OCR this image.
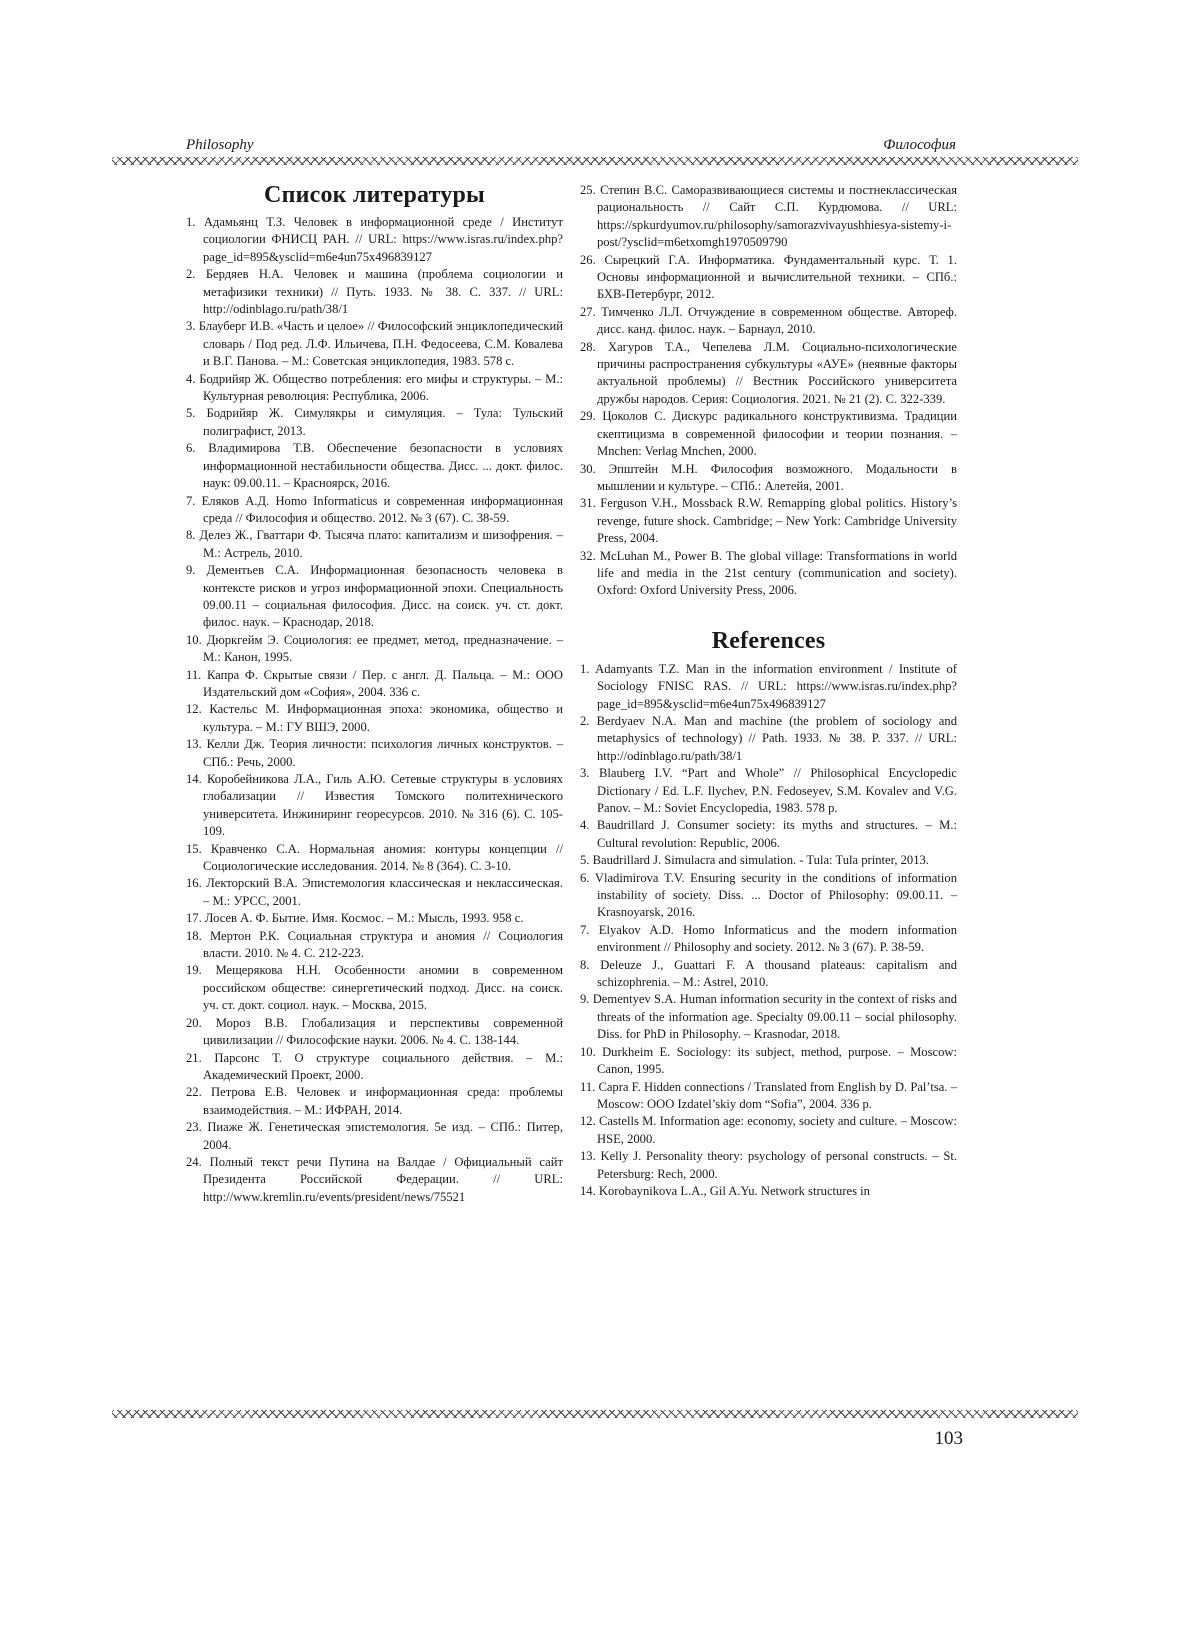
Philosophy	Философия
Список литературы
1. Адамьянц Т.З. Человек в информационной среде / Институт социологии ФНИСЦ РАН. // URL: https://www.isras.ru/index.php?page_id=895&ysclid=m6e4un75x496839127
2. Бердяев Н.А. Человек и машина (проблема социологии и метафизики техники) // Путь. 1933. № 38. С. 337. // URL: http://odinblago.ru/path/38/1
3. Блауберг И.В. «Часть и целое» // Философский энциклопедический словарь / Под ред. Л.Ф. Ильичева, П.Н. Федосеева, С.М. Ковалева и В.Г. Панова. – М.: Советская энциклопедия, 1983. 578 с.
4. Бодрийяр Ж. Общество потребления: его мифы и структуры. – М.: Культурная революция: Республика, 2006.
5. Бодрийяр Ж. Симулякры и симуляция. – Тула: Тульский полиграфист, 2013.
6. Владимирова Т.В. Обеспечение безопасности в условиях информационной нестабильности общества. Дисс. ... докт. филос. наук: 09.00.11. – Красноярск, 2016.
7. Еляков А.Д. Homo Informaticus и современная информационная среда // Философия и общество. 2012. № 3 (67). С. 38-59.
8. Делез Ж., Гваттари Ф. Тысяча плато: капитализм и шизофрения. – М.: Астрель, 2010.
9. Дементьев С.А. Информационная безопасность человека в контексте рисков и угроз информационной эпохи. Специальность 09.00.11 – социальная философия. Дисс. на соиск. уч. ст. докт. филос. наук. – Краснодар, 2018.
10. Дюркгейм Э. Социология: ее предмет, метод, предназначение. – М.: Канон, 1995.
11. Капра Ф. Скрытые связи / Пер. с англ. Д. Пальца. – М.: ООО Издательский дом «София», 2004. 336 с.
12. Кастельс М. Информационная эпоха: экономика, общество и культура. – М.: ГУ ВШЭ, 2000.
13. Келли Дж. Теория личности: психология личных конструктов. – СПб.: Речь, 2000.
14. Коробейникова Л.А., Гиль А.Ю. Сетевые структуры в условиях глобализации // Известия Томского политехнического университета. Инжиниринг георесурсов. 2010. № 316 (6). С. 105-109.
15. Кравченко С.А. Нормальная аномия: контуры концепции // Социологические исследования. 2014. № 8 (364). С. 3-10.
16. Лекторский В.А. Эпистемология классическая и неклассическая. – М.: УРСС, 2001.
17. Лосев А. Ф. Бытие. Имя. Космос. – М.: Мысль, 1993. 958 с.
18. Мертон Р.К. Социальная структура и аномия // Социология власти. 2010. № 4. С. 212-223.
19. Мещерякова Н.Н. Особенности аномии в современном российском обществе: синергетический подход. Дисс. на соиск. уч. ст. докт. социол. наук. – Москва, 2015.
20. Мороз В.В. Глобализация и перспективы современной цивилизации // Философские науки. 2006. № 4. С. 138-144.
21. Парсонс Т. О структуре социального действия. – М.: Академический Проект, 2000.
22. Петрова Е.В. Человек и информационная среда: проблемы взаимодействия. – М.: ИФРАН, 2014.
23. Пиаже Ж. Генетическая эпистемология. 5е изд. – СПб.: Питер, 2004.
24. Полный текст речи Путина на Валдае / Официальный сайт Президента Российской Федерации. // URL: http://www.kremlin.ru/events/president/news/75521
25. Степин В.С. Саморазвивающиеся системы и постнеклассическая рациональность // Сайт С.П. Курдюмова. // URL: https://spkurdyumov.ru/philosophy/samorazvivayushhiesya-sistemy-i-post/?ysclid=m6etxomgh1970509790
26. Сырецкий Г.А. Информатика. Фундаментальный курс. Т. 1. Основы информационной и вычислительной техники. – СПб.: БХВ-Петербург, 2012.
27. Тимченко Л.Л. Отчуждение в современном обществе. Автореф. дисс. канд. филос. наук. – Барнаул, 2010.
28. Хагуров Т.А., Чепелева Л.М. Социально-психологические причины распространения субкультуры «АУЕ» (неявные факторы актуальной проблемы) // Вестник Российского университета дружбы народов. Серия: Социология. 2021. № 21 (2). С. 322-339.
29. Цоколов С. Дискурс радикального конструктивизма. Традиции скептицизма в современной философии и теории познания. – Mnchen: Verlag Mnchen, 2000.
30. Эпштейн М.Н. Философия возможного. Модальности в мышлении и культуре. – СПб.: Алетейя, 2001.
31. Ferguson V.H., Mossback R.W. Remapping global politics. History’s revenge, future shock. Cambridge; – New York: Cambridge University Press, 2004.
32. McLuhan M., Power B. The global village: Transformations in world life and media in the 21st century (communication and society). Oxford: Oxford University Press, 2006.
References
1. Adamyants T.Z. Man in the information environment / Institute of Sociology FNISC RAS. // URL: https://www.isras.ru/index.php?page_id=895&ysclid=m6e4un75x496839127
2. Berdyaev N.A. Man and machine (the problem of sociology and metaphysics of technology) // Path. 1933. № 38. P. 337. // URL: http://odinblago.ru/path/38/1
3. Blauberg I.V. “Part and Whole” // Philosophical Encyclopedic Dictionary / Ed. L.F. Ilychev, P.N. Fedoseyev, S.M. Kovalev and V.G. Panov. – M.: Soviet Encyclopedia, 1983. 578 p.
4. Baudrillard J. Consumer society: its myths and structures. – M.: Cultural revolution: Republic, 2006.
5. Baudrillard J. Simulacra and simulation. - Tula: Tula printer, 2013.
6. Vladimirova T.V. Ensuring security in the conditions of information instability of society. Diss. ... Doctor of Philosophy: 09.00.11. – Krasnoyarsk, 2016.
7. Elyakov A.D. Homo Informaticus and the modern information environment // Philosophy and society. 2012. № 3 (67). P. 38-59.
8. Deleuze J., Guattari F. A thousand plateaus: capitalism and schizophrenia. – M.: Astrel, 2010.
9. Dementyev S.A. Human information security in the context of risks and threats of the information age. Specialty 09.00.11 – social philosophy. Diss. for PhD in Philosophy. – Krasnodar, 2018.
10. Durkheim E. Sociology: its subject, method, purpose. – Moscow: Canon, 1995.
11. Capra F. Hidden connections / Translated from English by D. Pal’tsa. – Moscow: OOO Izdatel’skiy dom “Sofia”, 2004. 336 p.
12. Castells M. Information age: economy, society and culture. – Moscow: HSE, 2000.
13. Kelly J. Personality theory: psychology of personal constructs. – St. Petersburg: Rech, 2000.
14. Korobaynikova L.A., Gil A.Yu. Network structures in
103
